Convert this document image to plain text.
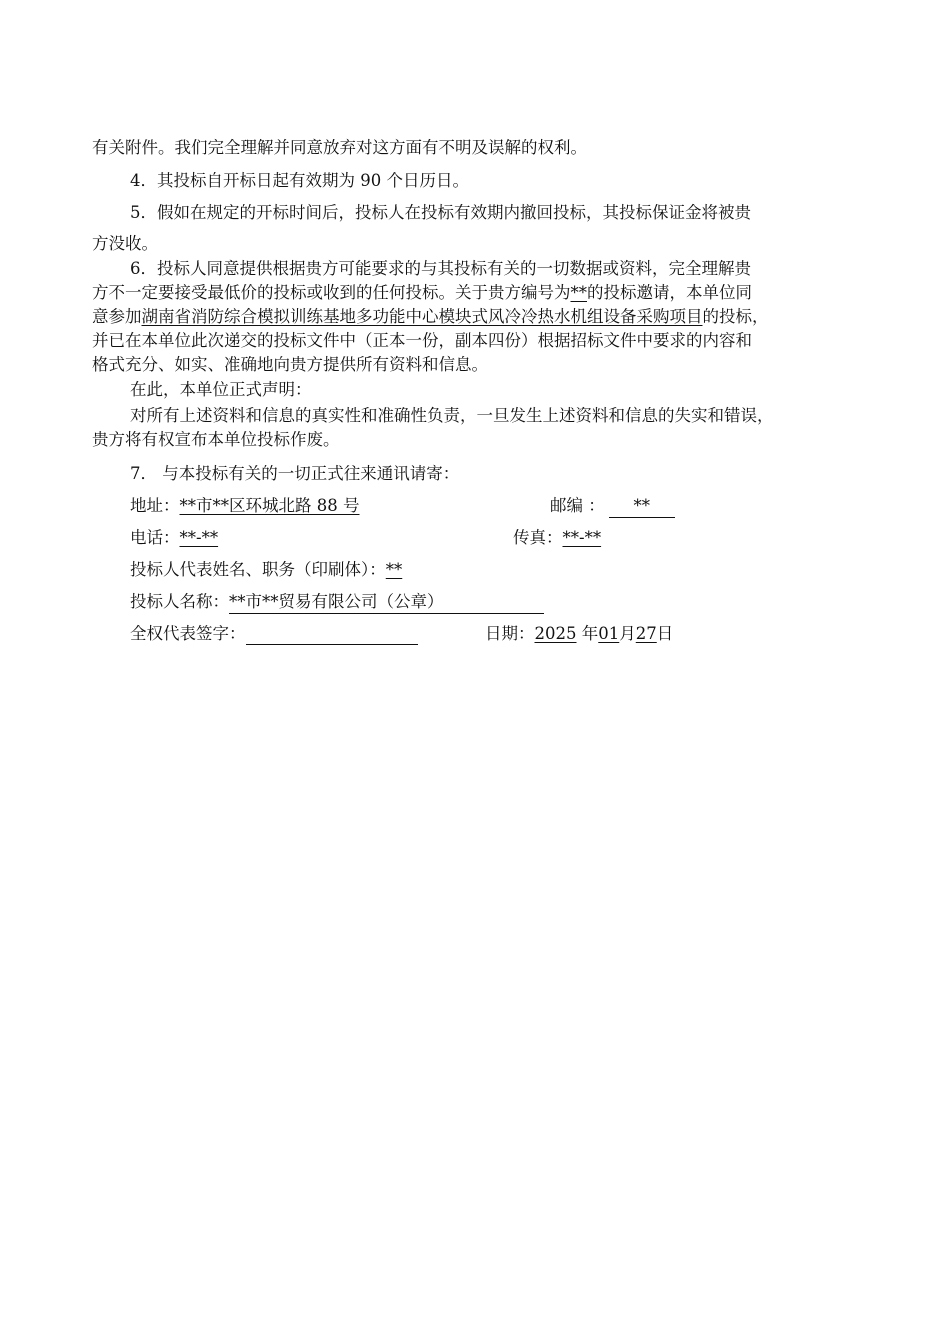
有关附件。我们完全理解并同意放弃对这方面有不明及误解的权利。
4．其投标自开标日起有效期为 90 个日历日。
5．假如在规定的开标时间后，投标人在投标有效期内撤回投标，其投标保证金将被贵
方没收。
6．投标人同意提供根据贵方可能要求的与其投标有关的一切数据或资料，完全理解贵
方不一定要接受最低价的投标或收到的任何投标。关于贵方编号为**的投标邀请，本单位同
意参加湖南省消防综合模拟训练基地多功能中心模块式风冷冷热水机组设备采购项目的投标，
并已在本单位此次递交的投标文件中（正本一份，副本四份）根据招标文件中要求的内容和
格式充分、如实、准确地向贵方提供所有资料和信息。
在此，本单位正式声明：
对所有上述资料和信息的真实性和准确性负责，一旦发生上述资料和信息的失实和错误，
贵方将有权宣布本单位投标作废。
7． 与本投标有关的一切正式往来通讯请寄：
地址：**市**区环城北路 88 号	邮编 ： **
电话：**-**	传真：**-**
投标人代表姓名、职务（印刷体）：**
投标人名称：**市**贸易有限公司（公章）
全权代表签字：	日期：2025 年01月27日
